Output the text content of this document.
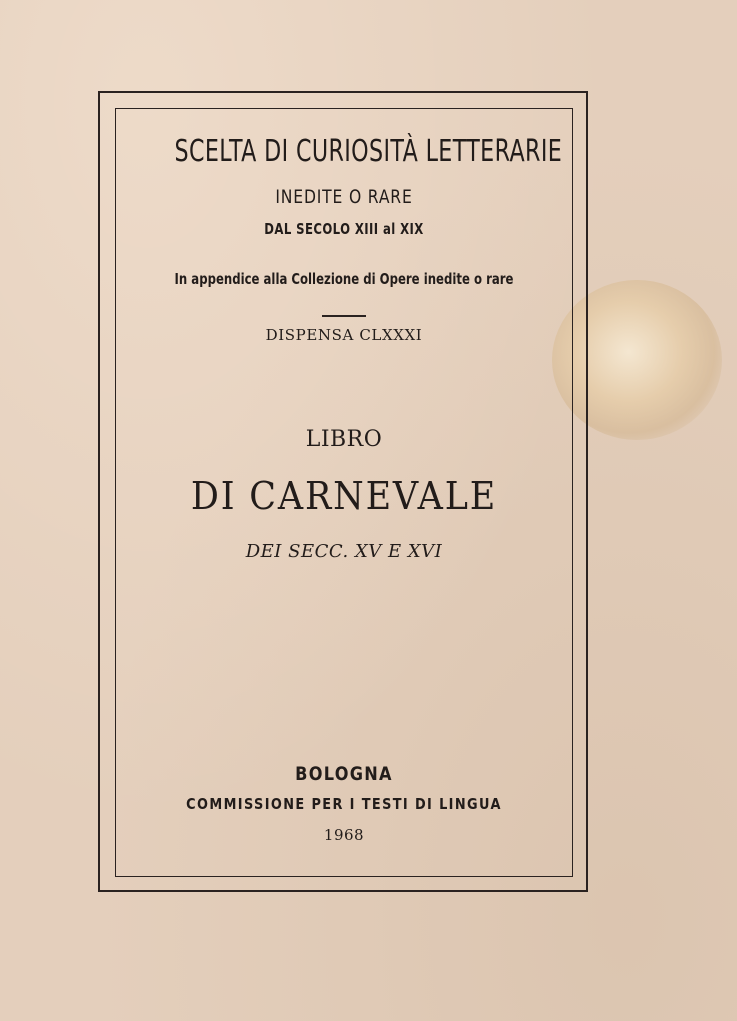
SCELTA DI CURIOSITÀ LETTERARIE
INEDITE O RARE
DAL SECOLO XIII al XIX
In appendice alla Collezione di Opere inedite o rare
DISPENSA CLXXXI
LIBRO
DI CARNEVALE
DEI SECC. XV E XVI
BOLOGNA
COMMISSIONE PER I TESTI DI LINGUA
1968
